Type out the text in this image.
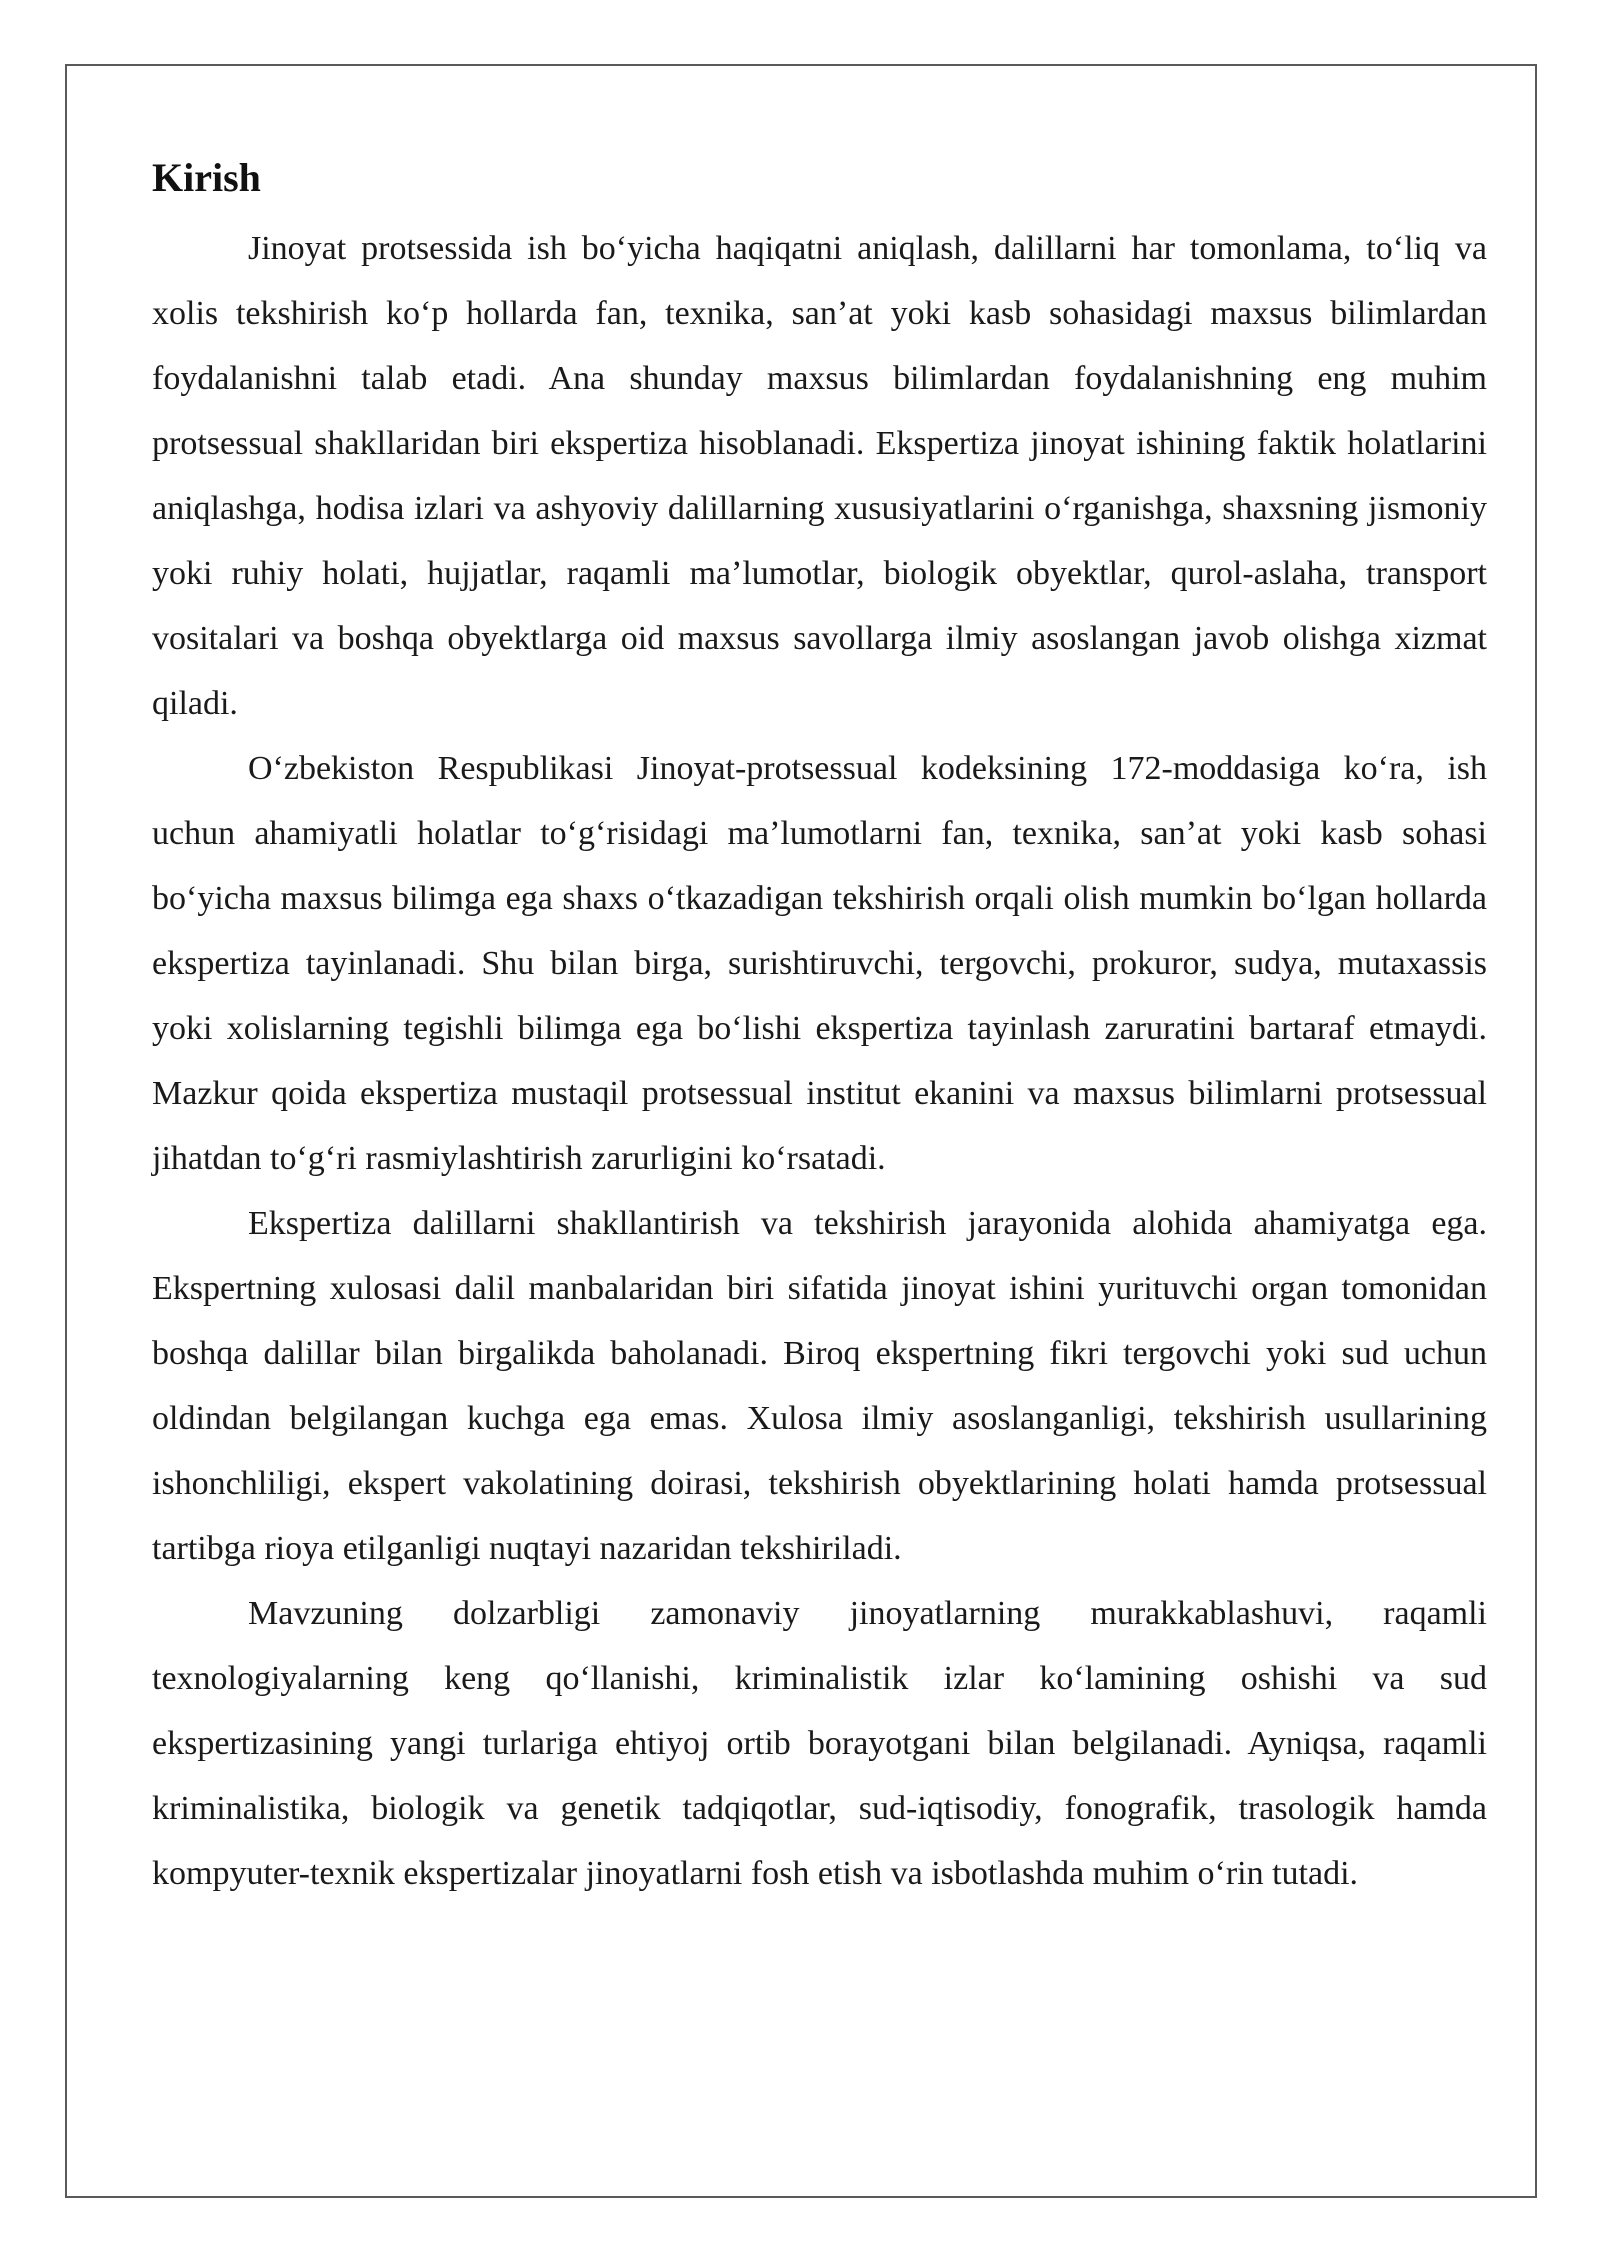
Kirish

Jinoyat protsessida ish boʻyicha haqiqatni aniqlash, dalillarni har tomonlama, toʻliq va xolis tekshirish koʻp hollarda fan, texnika, sanʼat yoki kasb sohasidagi maxsus bilimlardan foydalanishni talab etadi. Ana shunday maxsus bilimlardan foydalanishning eng muhim protsessual shakllaridan biri ekspertiza hisoblanadi. Ekspertiza jinoyat ishining faktik holatlarini aniqlashga, hodisa izlari va ashyoviy dalillarning xususiyatlarini oʻrganishga, shaxsning jismoniy yoki ruhiy holati, hujjatlar, raqamli maʼlumotlar, biologik obyektlar, qurol-aslaha, transport vositalari va boshqa obyektlarga oid maxsus savollarga ilmiy asoslangan javob olishga xizmat qiladi.

Oʻzbekiston Respublikasi Jinoyat-protsessual kodeksining 172-moddasiga koʻra, ish uchun ahamiyatli holatlar toʻgʻrisidagi maʼlumotlarni fan, texnika, sanʼat yoki kasb sohasi boʻyicha maxsus bilimga ega shaxs oʻtkazadigan tekshirish orqali olish mumkin boʻlgan hollarda ekspertiza tayinlanadi. Shu bilan birga, surishtiruvchi, tergovchi, prokuror, sudya, mutaxassis yoki xolislarning tegishli bilimga ega boʻlishi ekspertiza tayinlash zaruratini bartaraf etmaydi. Mazkur qoida ekspertiza mustaqil protsessual institut ekanini va maxsus bilimlarni protsessual jihatdan toʻgʻri rasmiylashtirish zarurligini koʻrsatadi.

Ekspertiza dalillarni shakllantirish va tekshirish jarayonida alohida ahamiyatga ega. Ekspertning xulosasi dalil manbalaridan biri sifatida jinoyat ishini yurituvchi organ tomonidan boshqa dalillar bilan birgalikda baholanadi. Biroq ekspertning fikri tergovchi yoki sud uchun oldindan belgilangan kuchga ega emas. Xulosa ilmiy asoslanganligi, tekshirish usullarining ishonchliligi, ekspert vakolatining doirasi, tekshirish obyektlarining holati hamda protsessual tartibga rioya etilganligi nuqtayi nazaridan tekshiriladi.

Mavzuning dolzarbligi zamonaviy jinoyatlarning murakkablashuvi, raqamli texnologiyalarning keng qoʻllanishi, kriminalistik izlar koʻlamining oshishi va sud ekspertizasining yangi turlariga ehtiyoj ortib borayotgani bilan belgilanadi. Ayniqsa, raqamli kriminalistika, biologik va genetik tadqiqotlar, sud-iqtisodiy, fonografik, trasologik hamda kompyuter-texnik ekspertizalar jinoyatlarni fosh etish va isbotlashda muhim oʻrin tutadi.
